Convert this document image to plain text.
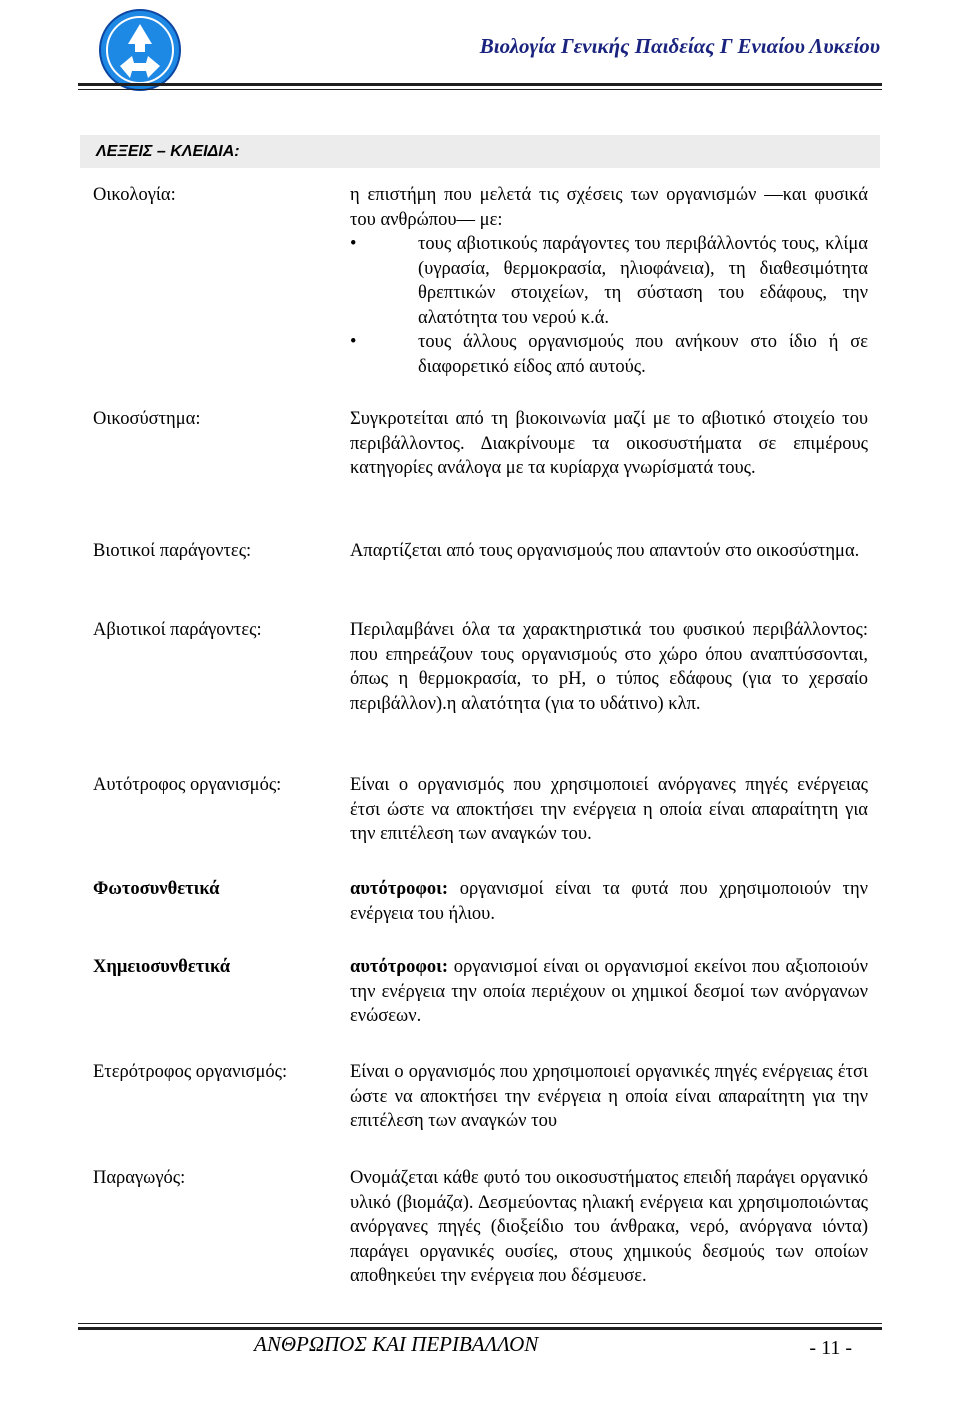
Βιολογία Γενικής Παιδείας Γ Ενιαίου Λυκείου
ΛΕΞΕΙΣ – ΚΛΕΙΔΙΑ:
Οικολογία:	η επιστήμη που μελετά τις σχέσεις των οργανισμών —και φυσικά του ανθρώπου— με:
• τους αβιοτικούς παράγοντες του περιβάλλοντός τους, κλίμα (υγρασία, θερμοκρασία, ηλιοφάνεια), τη διαθεσιμότητα θρεπτικών στοιχείων, τη σύσταση του εδάφους, την αλατότητα του νερού κ.ά.
• τους άλλους οργανισμούς που ανήκουν στο ίδιο ή σε διαφορετικό είδος από αυτούς.
Οικοσύστημα:	Συγκροτείται από τη βιοκοινωνία μαζί με το αβιοτικό στοιχείο του περιβάλλοντος. Διακρίνουμε τα οικοσυστήματα σε επιμέρους κατηγορίες ανάλογα με τα κυρίαρχα γνωρίσματά τους.
Βιοτικοί παράγοντες:	Απαρτίζεται από τους οργανισμούς που απαντούν στο οικοσύστημα.
Αβιοτικοί παράγοντες:	Περιλαμβάνει όλα τα χαρακτηριστικά του φυσικού περιβάλλοντος: που επηρεάζουν τους οργανισμούς στο χώρο όπου αναπτύσσονται, όπως η θερμοκρασία, το pH, ο τύπος εδάφους (για το χερσαίο περιβάλλον).η αλατότητα (για το υδάτινο) κλπ.
Αυτότροφος οργανισμός:	Είναι ο οργανισμός που χρησιμοποιεί ανόργανες πηγές ενέργειας έτσι ώστε να αποκτήσει την ενέργεια η οποία είναι απαραίτητη για την επιτέλεση των αναγκών του.
Φωτοσυνθετικά	αυτότροφοι: οργανισμοί είναι τα φυτά που χρησιμοποιούν την ενέργεια του ήλιου.
Χημειοσυνθετικά	αυτότροφοι: οργανισμοί είναι οι οργανισμοί εκείνοι που αξιοποιούν την ενέργεια την οποία περιέχουν οι χημικοί δεσμοί των ανόργανων ενώσεων.
Ετερότροφος οργανισμός:	Είναι ο οργανισμός που χρησιμοποιεί οργανικές πηγές ενέργειας έτσι ώστε να αποκτήσει την ενέργεια η οποία είναι απαραίτητη για την επιτέλεση των αναγκών του
Παραγωγός:	Ονομάζεται κάθε φυτό του οικοσυστήματος επειδή παράγει οργανικό υλικό (βιομάζα). Δεσμεύοντας ηλιακή ενέργεια και χρησιμοποιώντας ανόργανες πηγές (διοξείδιο του άνθρακα, νερό, ανόργανα ιόντα) παράγει οργανικές ουσίες, στους χημικούς δεσμούς των οποίων αποθηκεύει την ενέργεια που δέσμευσε.
ΑΝΘΡΩΠΟΣ ΚΑΙ ΠΕΡΙΒΑΛΛΟΝ	- 11 -
